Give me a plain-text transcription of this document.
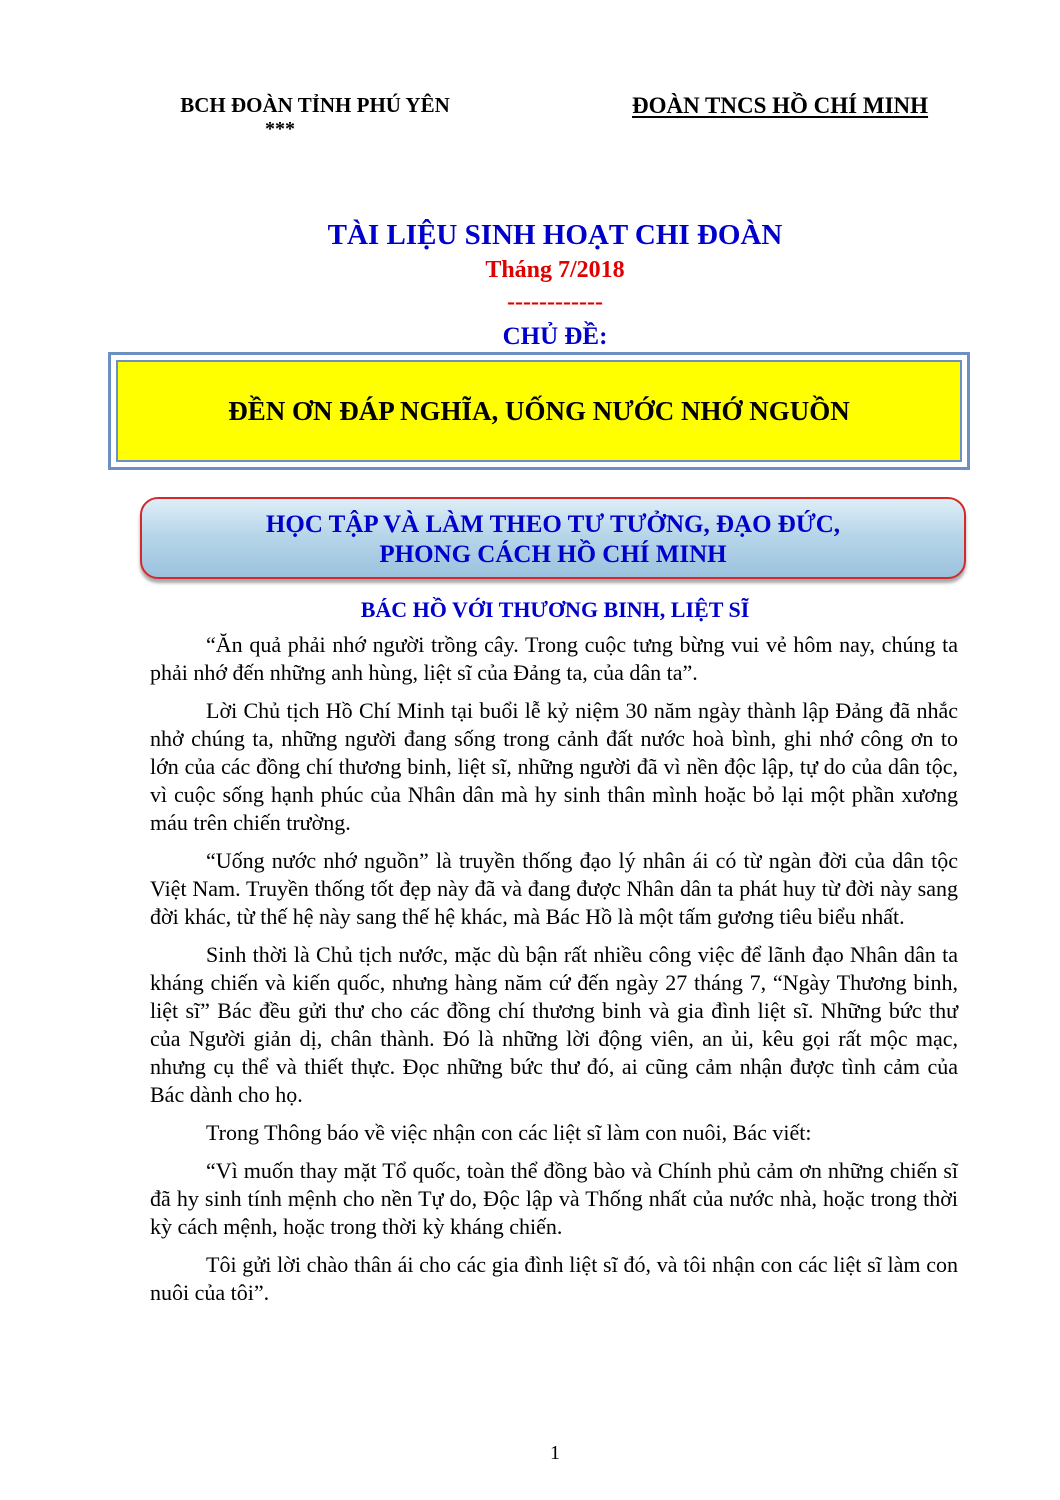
BCH ĐOÀN TỈNH PHÚ YÊN
***
ĐOÀN TNCS HỒ CHÍ MINH
TÀI LIỆU SINH HOẠT CHI ĐOÀN
Tháng 7/2018
------------
CHỦ ĐỀ:
ĐỀN ƠN ĐÁP NGHĨA, UỐNG NƯỚC NHỚ NGUỒN
HỌC TẬP VÀ LÀM THEO TƯ TƯỞNG, ĐẠO ĐỨC,
PHONG CÁCH HỒ CHÍ MINH
BÁC HỒ VỚI THƯƠNG BINH, LIỆT SĨ

“Ăn quả phải nhớ người trồng cây. Trong cuộc tưng bừng vui vẻ hôm nay, chúng ta phải nhớ đến những anh hùng, liệt sĩ của Đảng ta, của dân ta”.

Lời Chủ tịch Hồ Chí Minh tại buổi lễ kỷ niệm 30 năm ngày thành lập Đảng đã nhắc nhở chúng ta, những người đang sống trong cảnh đất nước hoà bình, ghi nhớ công ơn to lớn của các đồng chí thương binh, liệt sĩ, những người đã vì nền độc lập, tự do của dân tộc, vì cuộc sống hạnh phúc của Nhân dân mà hy sinh thân mình hoặc bỏ lại một phần xương máu trên chiến trường.

“Uống nước nhớ nguồn” là truyền thống đạo lý nhân ái có từ ngàn đời của dân tộc Việt Nam. Truyền thống tốt đẹp này đã và đang được Nhân dân ta phát huy từ đời này sang đời khác, từ thế hệ này sang thế hệ khác, mà Bác Hồ là một tấm gương tiêu biểu nhất.

Sinh thời là Chủ tịch nước, mặc dù bận rất nhiều công việc để lãnh đạo Nhân dân ta kháng chiến và kiến quốc, nhưng hàng năm cứ đến ngày 27 tháng 7, “Ngày Thương binh, liệt sĩ” Bác đều gửi thư cho các đồng chí thương binh và gia đình liệt sĩ. Những bức thư của Người giản dị, chân thành. Đó là những lời động viên, an ủi, kêu gọi rất mộc mạc, nhưng cụ thể và thiết thực. Đọc những bức thư đó, ai cũng cảm nhận được tình cảm của Bác dành cho họ.

Trong Thông báo về việc nhận con các liệt sĩ làm con nuôi, Bác viết:

“Vì muốn thay mặt Tổ quốc, toàn thể đồng bào và Chính phủ cảm ơn những chiến sĩ đã hy sinh tính mệnh cho nền Tự do, Độc lập và Thống nhất của nước nhà, hoặc trong thời kỳ cách mệnh, hoặc trong thời kỳ kháng chiến.

Tôi gửi lời chào thân ái cho các gia đình liệt sĩ đó, và tôi nhận con các liệt sĩ làm con nuôi của tôi”.

1
